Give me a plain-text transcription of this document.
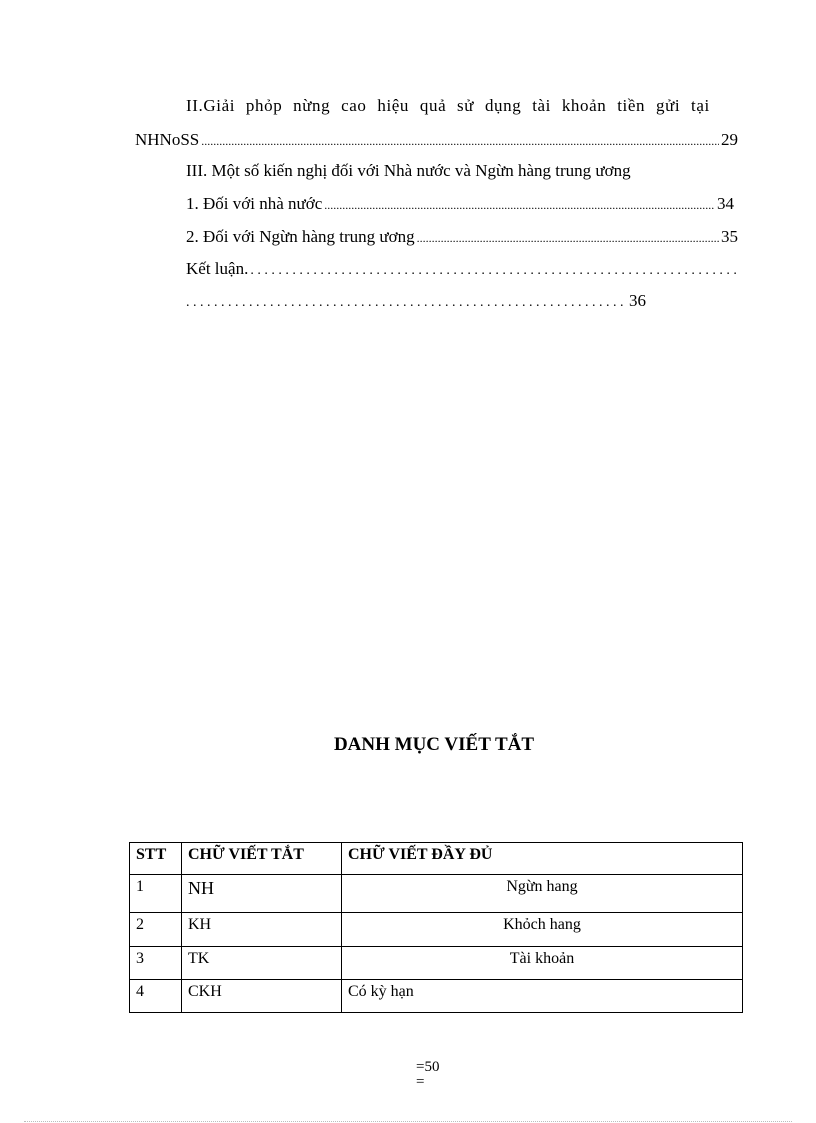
II.Giải phỏp nừng cao hiệu quả sử dụng tài khoản tiền gửi tại
NHNoSS .....	29
III. Một số kiến nghị đối với Nhà nước và Ngừn hàng trung ương
1. Đối với nhà nước .....	34
2. Đối với Ngừn hàng trung ương .....	35
Kết luận.
. . .
. . .
36
DANH MỤC VIẾT TẮT
STT	CHỮ VIẾT TẮT	CHỮ VIẾT ĐẦY ĐỦ
1	NH	Ngừn hang
2	KH	Khỏch hang
3	TK	Tài khoản
4	CKH	Có kỳ hạn
=50
=
